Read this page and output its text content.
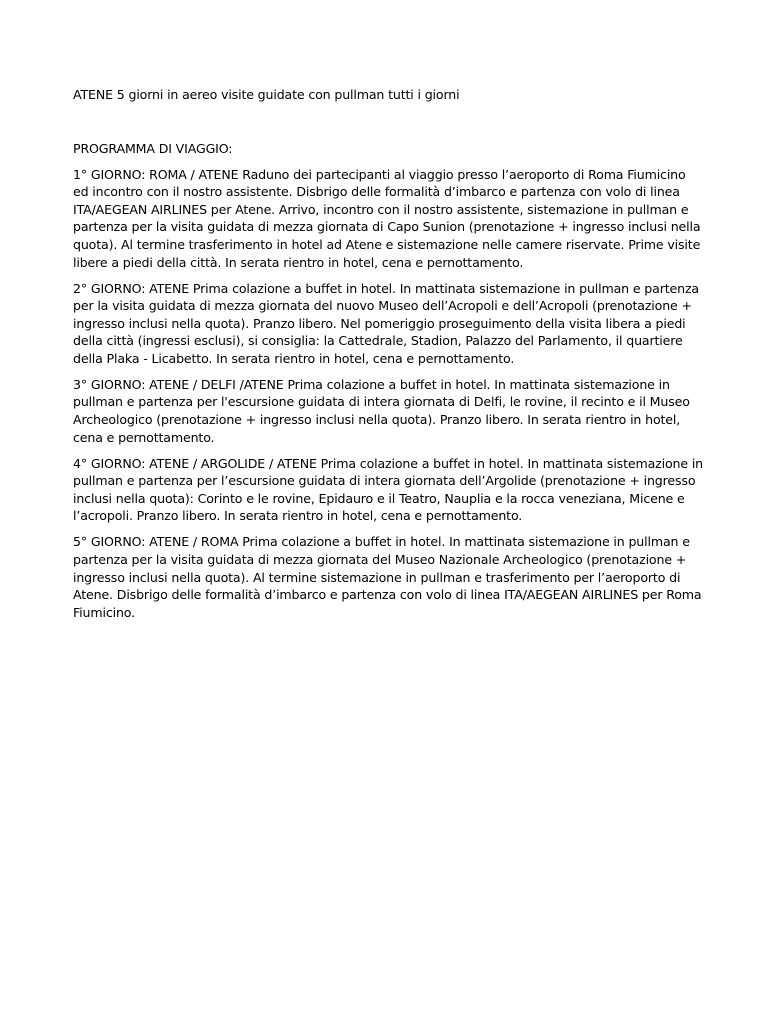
ATENE 5 giorni in aereo visite guidate con pullman tutti i giorni

PROGRAMMA DI VIAGGIO:

1° GIORNO: ROMA / ATENE Raduno dei partecipanti al viaggio presso l’aeroporto di Roma Fiumicino ed incontro con il nostro assistente. Disbrigo delle formalità d’imbarco e partenza con volo di linea ITA/AEGEAN AIRLINES per Atene. Arrivo, incontro con il nostro assistente, sistemazione in pullman e partenza per la visita guidata di mezza giornata di Capo Sunion (prenotazione + ingresso inclusi nella quota). Al termine trasferimento in hotel ad Atene e sistemazione nelle camere riservate. Prime visite libere a piedi della città. In serata rientro in hotel, cena e pernottamento.

2° GIORNO: ATENE Prima colazione a buffet in hotel. In mattinata sistemazione in pullman e partenza per la visita guidata di mezza giornata del nuovo Museo dell’Acropoli e dell’Acropoli (prenotazione + ingresso inclusi nella quota). Pranzo libero. Nel pomeriggio proseguimento della visita libera a piedi della città (ingressi esclusi), si consiglia: la Cattedrale, Stadion, Palazzo del Parlamento, il quartiere della Plaka - Licabetto. In serata rientro in hotel, cena e pernottamento.

3° GIORNO: ATENE / DELFI /ATENE Prima colazione a buffet in hotel. In mattinata sistemazione in pullman e partenza per l'escursione guidata di intera giornata di Delfi, le rovine, il recinto e il Museo Archeologico (prenotazione + ingresso inclusi nella quota). Pranzo libero. In serata rientro in hotel, cena e pernottamento.

4° GIORNO: ATENE / ARGOLIDE / ATENE Prima colazione a buffet in hotel. In mattinata sistemazione in pullman e partenza per l’escursione guidata di intera giornata dell’Argolide (prenotazione + ingresso inclusi nella quota): Corinto e le rovine, Epidauro e il Teatro, Nauplia e la rocca veneziana, Micene e l’acropoli. Pranzo libero. In serata rientro in hotel, cena e pernottamento.

5° GIORNO: ATENE / ROMA Prima colazione a buffet in hotel. In mattinata sistemazione in pullman e partenza per la visita guidata di mezza giornata del Museo Nazionale Archeologico (prenotazione + ingresso inclusi nella quota). Al termine sistemazione in pullman e trasferimento per l’aeroporto di Atene. Disbrigo delle formalità d’imbarco e partenza con volo di linea ITA/AEGEAN AIRLINES per Roma Fiumicino.
